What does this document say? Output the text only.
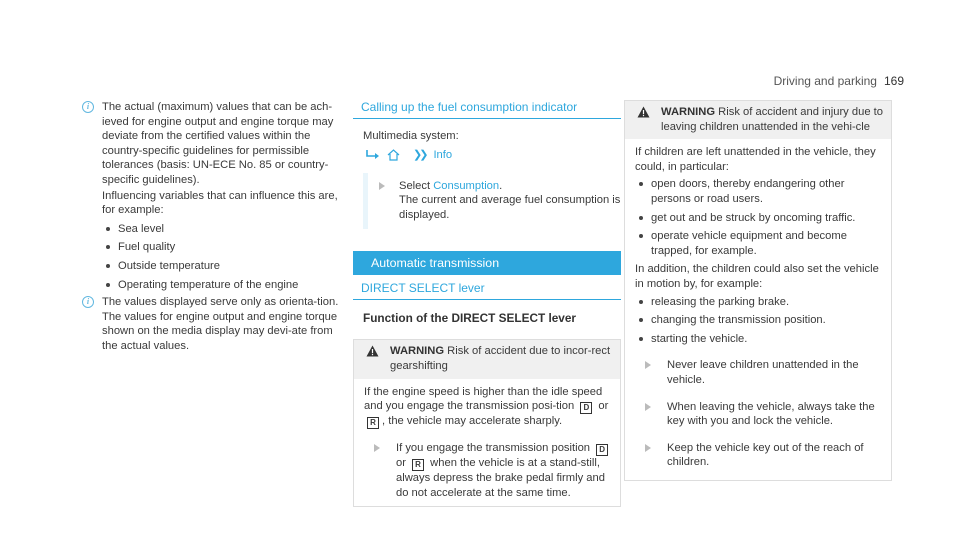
Driving and parking 169
i	The actual (maximum) values that can be ach-ieved for engine output and engine torque may deviate from the certified values within the country-specific guidelines for permissible tolerances (basis: UN-ECE No. 85 or country-specific guidelines).

Influencing variables that can influence this are, for example:

Sea level
Fuel quality
Outside temperature
Operating temperature of the engine
i	The values displayed serve only as orienta-tion. The values for engine output and engine torque shown on the media display may devi-ate from the actual values.

Calling up the fuel consumption indicator

Multimedia system:

❯❯ Info

Select Consumption.

The current and average fuel consumption is displayed.

Automatic transmission
DIRECT SELECT lever
Function of the DIRECT SELECT lever
WARNING Risk of accident due to incor-rect gearshifting

If the engine speed is higher than the idle speed and you engage the transmission posi-tion D or R , the vehicle may accelerate sharply.

If you engage the transmission position D or R when the vehicle is at a stand-still, always depress the brake pedal firmly and do not accelerate at the same time.

WARNING Risk of accident and injury due to leaving children unattended in the vehi-cle

If children are left unattended in the vehicle, they could, in particular:

open doors, thereby endangering other persons or road users.
get out and be struck by oncoming traffic.
operate vehicle equipment and become trapped, for example.

In addition, the children could also set the vehicle in motion by, for example:

releasing the parking brake.
changing the transmission position.
starting the vehicle.

Never leave children unattended in the vehicle.

When leaving the vehicle, always take the key with you and lock the vehicle.

Keep the vehicle key out of the reach of children.
